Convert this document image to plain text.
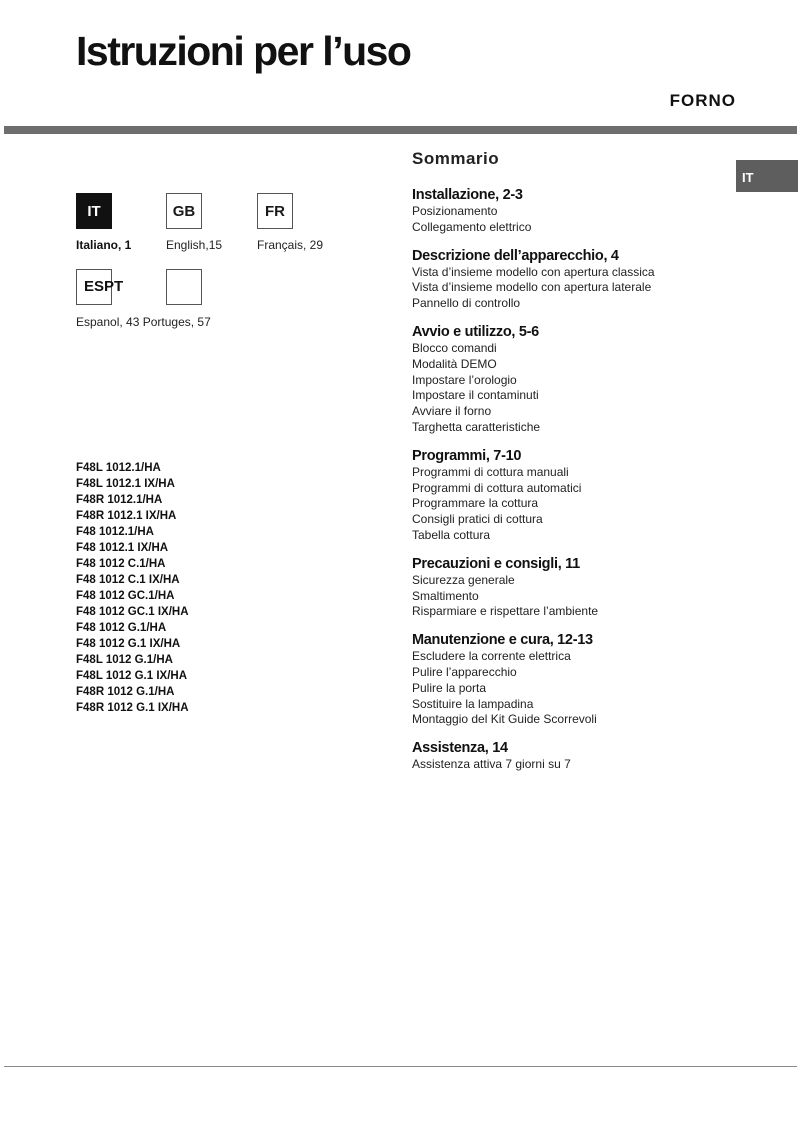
Istruzioni per l’uso
FORNO
IT
IT	GB	FR
Italiano, 1	English,15	Français, 29
ESPT
Espanol, 43 Portuges, 57
F48L 1012.1/HA
F48L 1012.1 IX/HA
F48R 1012.1/HA
F48R 1012.1 IX/HA
F48 1012.1/HA
F48 1012.1 IX/HA
F48 1012 C.1/HA
F48 1012 C.1 IX/HA
F48 1012 GC.1/HA
F48 1012 GC.1 IX/HA
F48 1012 G.1/HA
F48 1012 G.1 IX/HA
F48L 1012 G.1/HA
F48L 1012 G.1 IX/HA
F48R 1012 G.1/HA
F48R 1012 G.1 IX/HA
Sommario
Installazione, 2-3
Posizionamento
Collegamento elettrico
Descrizione dell’apparecchio, 4
Vista d’insieme modello con apertura classica
Vista d’insieme modello con apertura laterale
Pannello di controllo
Avvio e utilizzo, 5-6
Blocco comandi
Modalità DEMO
Impostare l’orologio
Impostare il contaminuti
Avviare il forno
Targhetta caratteristiche
Programmi, 7-10
Programmi di cottura manuali
Programmi di cottura automatici
Programmare la cottura
Consigli pratici di cottura
Tabella cottura
Precauzioni e consigli, 11
Sicurezza generale
Smaltimento
Risparmiare e rispettare l’ambiente
Manutenzione e cura, 12-13
Escludere la corrente elettrica
Pulire l’apparecchio
Pulire la porta
Sostituire la lampadina
Montaggio del Kit Guide Scorrevoli
Assistenza, 14
Assistenza attiva 7 giorni su 7
